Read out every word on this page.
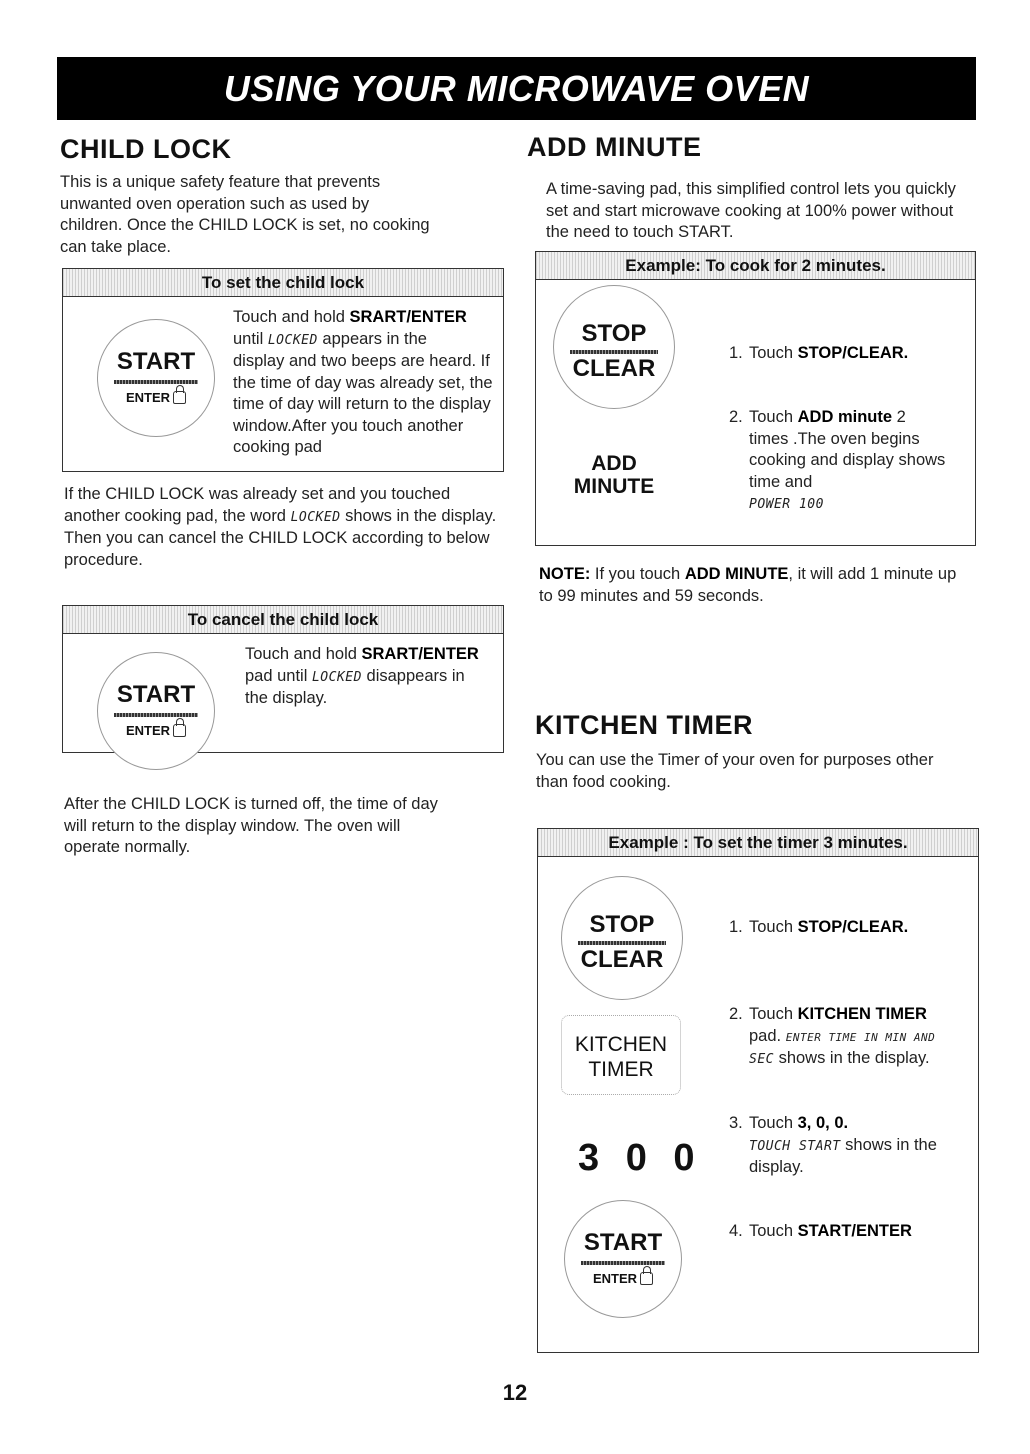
USING YOUR MICROWAVE OVEN
CHILD LOCK
This is a unique safety feature that prevents unwanted oven operation such as used by children. Once the CHILD LOCK is set, no cooking can take place.
To set the child lock
START
ENTER
Touch and hold SRART/ENTER
until LOCKED appears in the
display and two beeps are heard. If the time of day was already set, the time of day will return to the display window.After you touch another cooking pad
If the CHILD LOCK was already set and you touched another cooking pad, the word LOCKED shows in the display.
Then you can cancel the CHILD LOCK according to below procedure.
To cancel the child lock
START
ENTER
Touch and hold SRART/ENTER
pad until LOCKED disappears in
the display.
After the CHILD LOCK is turned off, the time of day will return to the display window. The oven will operate normally.
ADD MINUTE
A time-saving pad, this simplified control lets you quickly set and start microwave cooking at 100% power without the need to touch START.
Example: To cook for 2 minutes.
STOP
CLEAR
ADD
MINUTE
1. Touch STOP/CLEAR.
2. Touch ADD minute 2
times .The oven begins cooking and display shows time and
POWER 100
NOTE: If you touch ADD MINUTE, it will add 1 minute up to 99 minutes and 59 seconds.
KITCHEN TIMER
You can use the Timer of your oven for purposes other than food cooking.
Example : To set the timer 3 minutes.
1. Touch STOP/CLEAR.
2. Touch KITCHEN TIMER
pad. ENTER TIME IN MIN AND
SEC shows in the display.
3. Touch 3, 0, 0.
TOUCH START shows in the
display.
4. Touch START/ENTER
STOP
CLEAR
KITCHEN
TIMER
3 0 0
START
ENTER
12
